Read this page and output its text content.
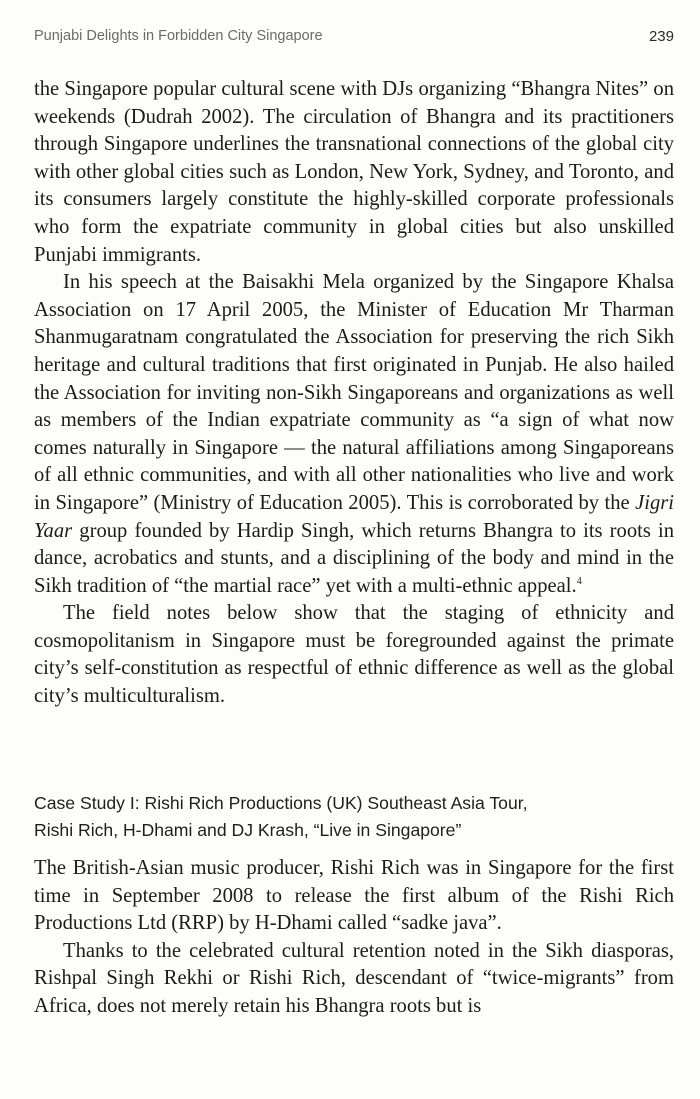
Punjabi Delights in Forbidden City Singapore	239

the Singapore popular cultural scene with DJs organizing “Bhangra Nites” on weekends (Dudrah 2002). The circulation of Bhangra and its practitioners through Singapore underlines the transnational connections of the global city with other global cities such as London, New York, Sydney, and Toronto, and its consumers largely constitute the highly-skilled corporate professionals who form the expatriate community in global cities but also unskilled Punjabi immigrants.

In his speech at the Baisakhi Mela organized by the Singapore Khalsa Association on 17 April 2005, the Minister of Education Mr Tharman Shanmugaratnam congratulated the Association for preserving the rich Sikh heritage and cultural traditions that first originated in Punjab. He also hailed the Association for inviting non-Sikh Singaporeans and organizations as well as members of the Indian expatriate community as “a sign of what now comes naturally in Singapore — the natural affiliations among Singaporeans of all ethnic communities, and with all other nationalities who live and work in Singapore” (Ministry of Education 2005). This is corroborated by the Jigri Yaar group founded by Hardip Singh, which returns Bhangra to its roots in dance, acrobatics and stunts, and a disciplining of the body and mind in the Sikh tradition of “the martial race” yet with a multi-ethnic appeal.$^4$

The field notes below show that the staging of ethnicity and cosmopolitanism in Singapore must be foregrounded against the primate city’s self-constitution as respectful of ethnic difference as well as the global city’s multiculturalism.

Case Study I: Rishi Rich Productions (UK) Southeast Asia Tour,
Rishi Rich, H-Dhami and DJ Krash, “Live in Singapore”

The British-Asian music producer, Rishi Rich was in Singapore for the first time in September 2008 to release the first album of the Rishi Rich Productions Ltd (RRP) by H-Dhami called “sadke java”.

Thanks to the celebrated cultural retention noted in the Sikh diasporas, Rishpal Singh Rekhi or Rishi Rich, descendant of “twice-migrants” from Africa, does not merely retain his Bhangra roots but is
